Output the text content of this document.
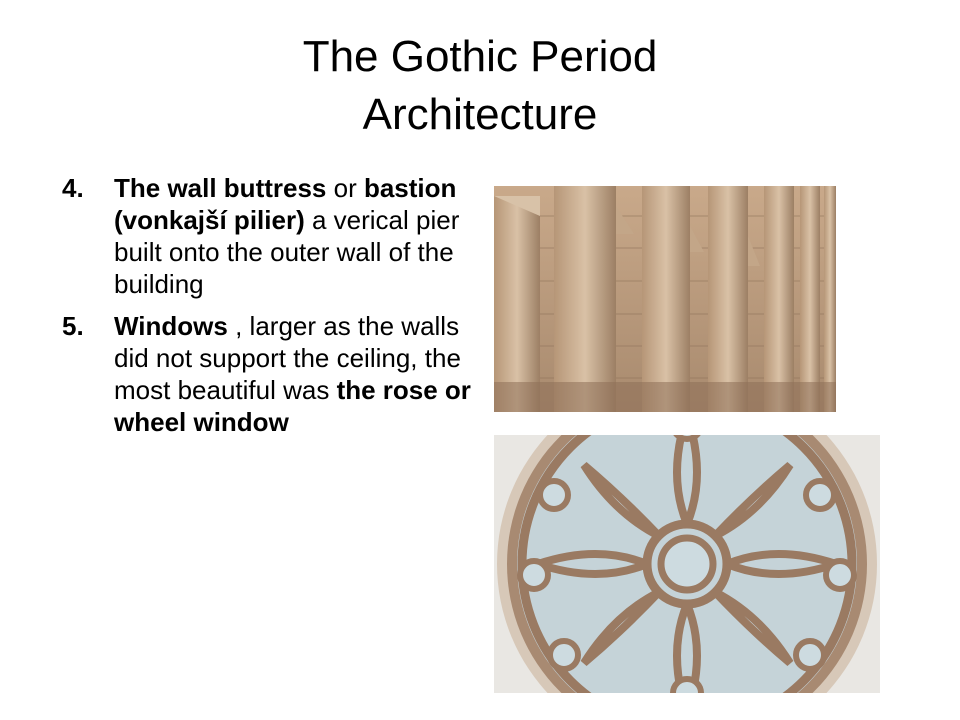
The Gothic Period
Architecture
4. The wall buttress or bastion (vonkajší pilier) a verical pier built onto the outer wall of the building
5. Windows , larger as the walls did not support the ceiling, the most beautiful was the rose or wheel window
